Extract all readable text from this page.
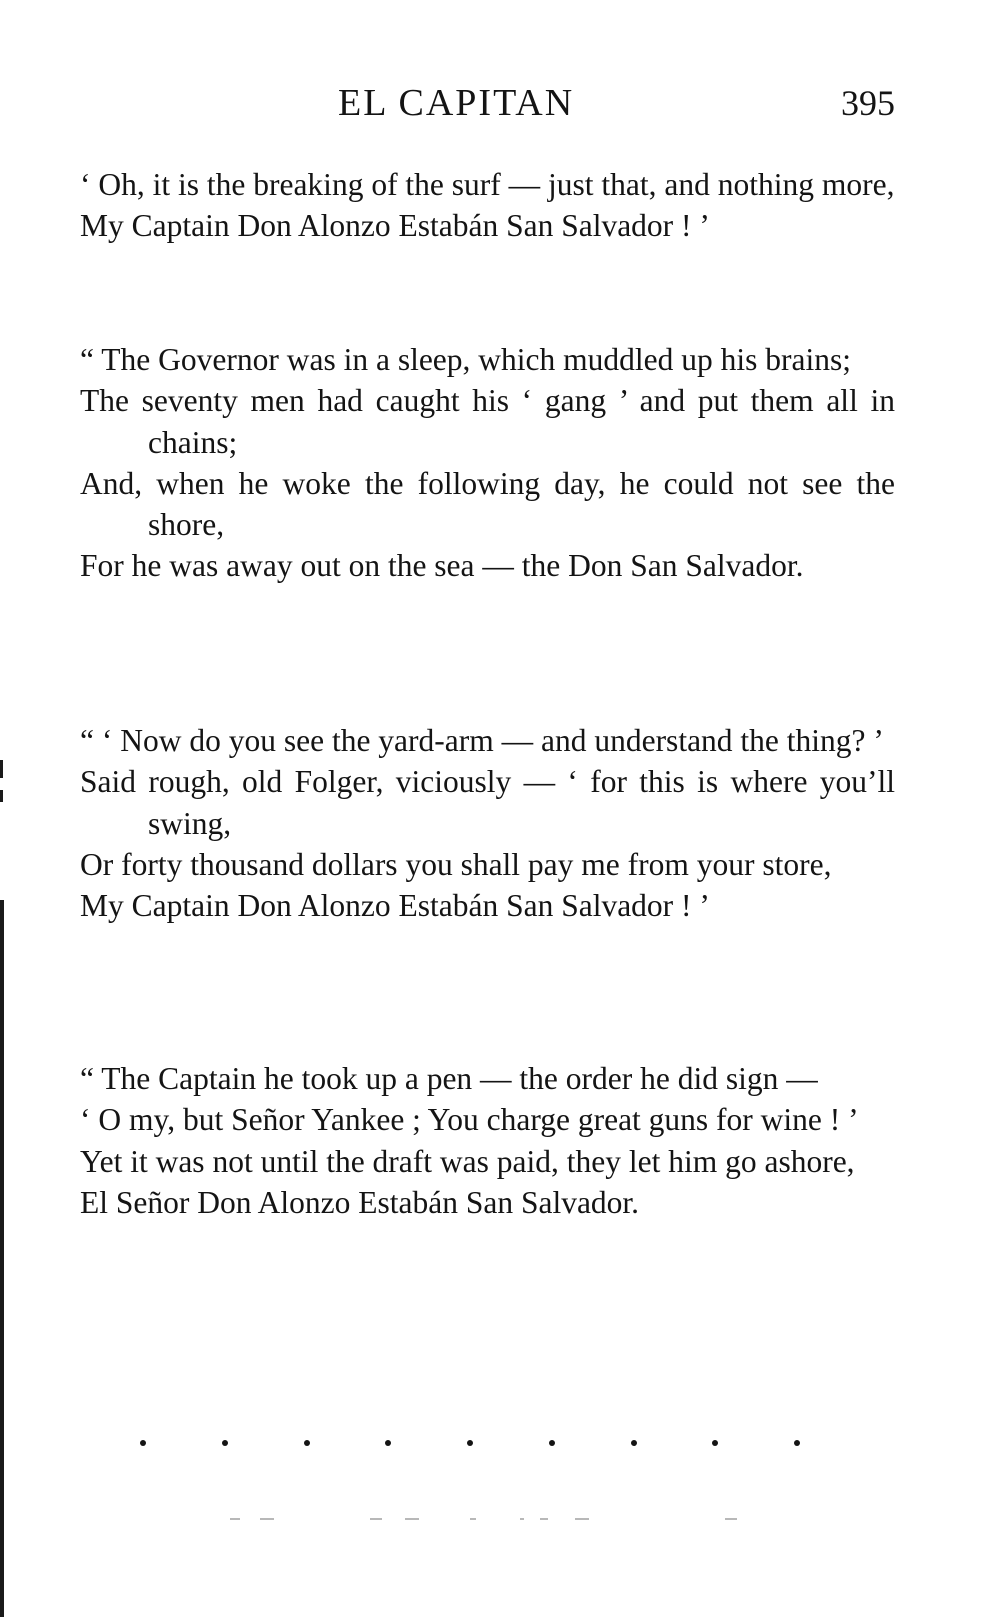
EL CAPITAN	395
‘ Oh, it is the breaking of the surf — just that, and nothing more,
My Captain Don Alonzo Estabán San Salvador ! ’
“ The Governor was in a sleep, which muddled up his brains;
The seventy men had caught his ‘ gang ’ and put them all in chains;
And, when he woke the following day, he could not see the shore,
For he was away out on the sea — the Don San Salvador.
“ ‘ Now do you see the yard-arm — and understand the thing? ’
Said rough, old Folger, viciously — ‘ for this is where you’ll swing,
Or forty thousand dollars you shall pay me from your store,
My Captain Don Alonzo Estabán San Salvador ! ’
“ The Captain he took up a pen — the order he did sign —
‘ O my, but Señor Yankee ; You charge great guns for wine ! ’
Yet it was not until the draft was paid, they let him go ashore,
El Señor Don Alonzo Estabán San Salvador.
